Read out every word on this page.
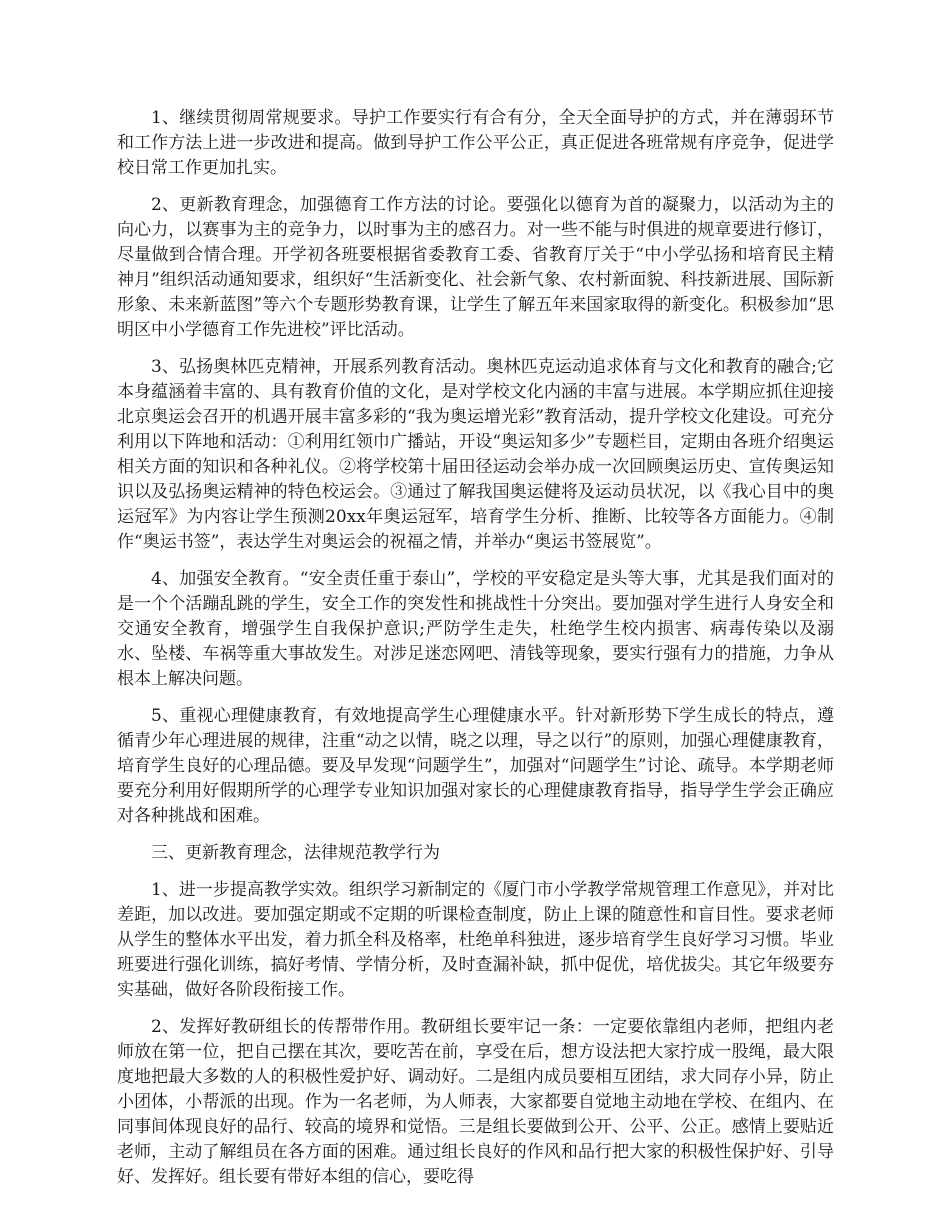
1、继续贯彻周常规要求。导护工作要实行有合有分，全天全面导护的方式，并在薄弱环节和工作方法上进一步改进和提高。做到导护工作公平公正，真正促进各班常规有序竞争，促进学校日常工作更加扎实。

2、更新教育理念，加强德育工作方法的讨论。要强化以德育为首的凝聚力，以活动为主的向心力，以赛事为主的竞争力，以时事为主的感召力。对一些不能与时俱进的规章要进行修订，尽量做到合情合理。开学初各班要根据省委教育工委、省教育厅关于“中小学弘扬和培育民主精神月”组织活动通知要求，组织好“生活新变化、社会新气象、农村新面貌、科技新进展、国际新形象、未来新蓝图”等六个专题形势教育课，让学生了解五年来国家取得的新变化。积极参加“思明区中小学德育工作先进校”评比活动。

3、弘扬奥林匹克精神，开展系列教育活动。奥林匹克运动追求体育与文化和教育的融合;它本身蕴涵着丰富的、具有教育价值的文化，是对学校文化内涵的丰富与进展。本学期应抓住迎接北京奥运会召开的机遇开展丰富多彩的“我为奥运增光彩”教育活动，提升学校文化建设。可充分利用以下阵地和活动：①利用红领巾广播站，开设“奥运知多少”专题栏目，定期由各班介绍奥运相关方面的知识和各种礼仪。②将学校第十届田径运动会举办成一次回顾奥运历史、宣传奥运知识以及弘扬奥运精神的特色校运会。③通过了解我国奥运健将及运动员状况，以《我心目中的奥运冠军》为内容让学生预测20xx年奥运冠军，培育学生分析、推断、比较等各方面能力。④制作“奥运书签”，表达学生对奥运会的祝福之情，并举办“奥运书签展览”。

4、加强安全教育。“安全责任重于泰山”，学校的平安稳定是头等大事，尤其是我们面对的是一个个活蹦乱跳的学生，安全工作的突发性和挑战性十分突出。要加强对学生进行人身安全和交通安全教育，增强学生自我保护意识;严防学生走失，杜绝学生校内损害、病毒传染以及溺水、坠楼、车祸等重大事故发生。对涉足迷恋网吧、清钱等现象，要实行强有力的措施，力争从根本上解决问题。

5、重视心理健康教育，有效地提高学生心理健康水平。针对新形势下学生成长的特点，遵循青少年心理进展的规律，注重“动之以情，晓之以理，导之以行”的原则，加强心理健康教育，培育学生良好的心理品德。要及早发现“问题学生”，加强对“问题学生”讨论、疏导。本学期老师要充分利用好假期所学的心理学专业知识加强对家长的心理健康教育指导，指导学生学会正确应对各种挑战和困难。

三、更新教育理念，法律规范教学行为

1、进一步提高教学实效。组织学习新制定的《厦门市小学教学常规管理工作意见》，并对比差距，加以改进。要加强定期或不定期的听课检查制度，防止上课的随意性和盲目性。要求老师从学生的整体水平出发，着力抓全科及格率，杜绝单科独进，逐步培育学生良好学习习惯。毕业班要进行强化训练，搞好考情、学情分析，及时查漏补缺，抓中促优，培优拔尖。其它年级要夯实基础，做好各阶段衔接工作。

2、发挥好教研组长的传帮带作用。教研组长要牢记一条：一定要依靠组内老师，把组内老师放在第一位，把自己摆在其次，要吃苦在前，享受在后，想方设法把大家拧成一股绳，最大限度地把最大多数的人的积极性爱护好、调动好。二是组内成员要相互团结，求大同存小异，防止小团体，小帮派的出现。作为一名老师，为人师表，大家都要自觉地主动地在学校、在组内、在同事间体现良好的品行、较高的境界和觉悟。三是组长要做到公开、公平、公正。感情上要贴近老师，主动了解组员在各方面的困难。通过组长良好的作风和品行把大家的积极性保护好、引导好、发挥好。组长要有带好本组的信心，要吃得
